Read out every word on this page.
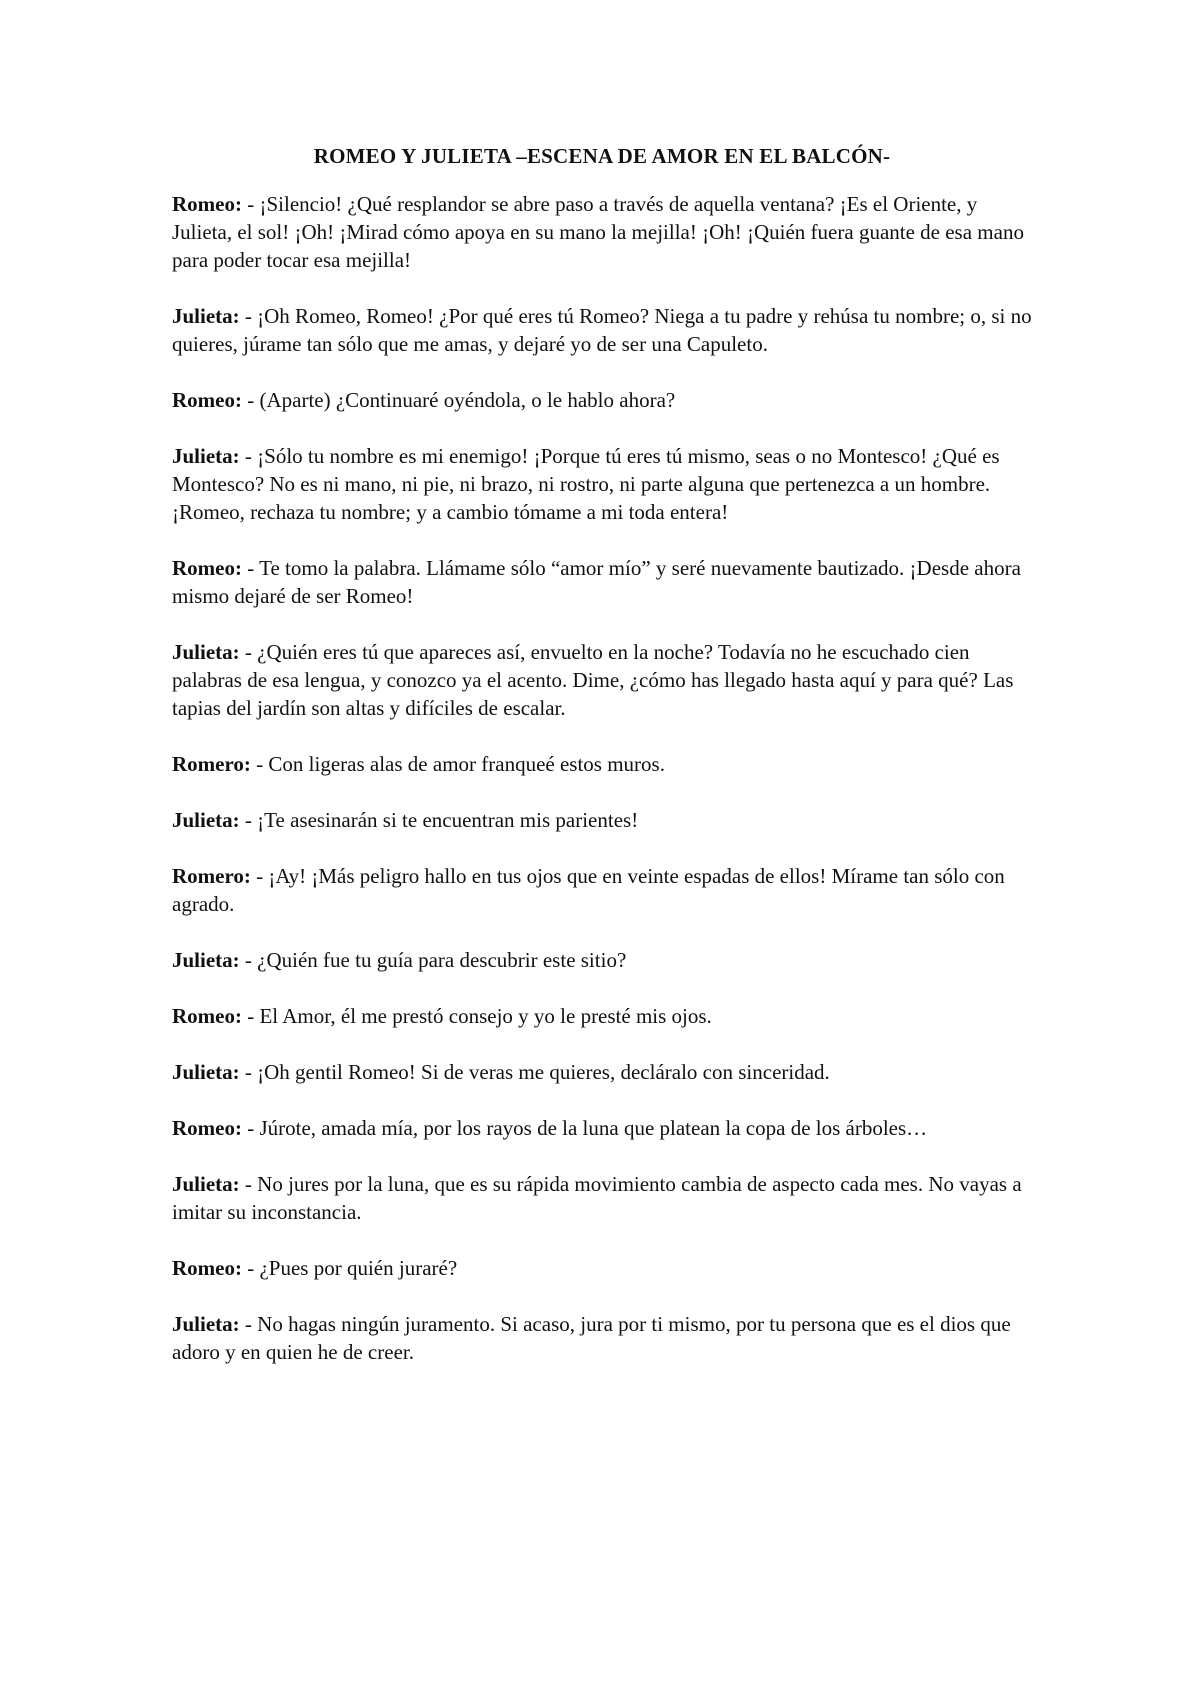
ROMEO Y JULIETA –ESCENA DE AMOR EN EL BALCÓN-

Romeo: - ¡Silencio! ¿Qué resplandor se abre paso a través de aquella ventana? ¡Es el Oriente, y Julieta, el sol! ¡Oh! ¡Mirad cómo apoya en su mano la mejilla! ¡Oh! ¡Quién fuera guante de esa mano para poder tocar esa mejilla!

Julieta: - ¡Oh Romeo, Romeo! ¿Por qué eres tú Romeo? Niega a tu padre y rehúsa tu nombre; o, si no quieres, júrame tan sólo que me amas, y dejaré yo de ser una Capuleto.

Romeo: - (Aparte) ¿Continuaré oyéndola, o le hablo ahora?

Julieta: - ¡Sólo tu nombre es mi enemigo! ¡Porque tú eres tú mismo, seas o no Montesco! ¿Qué es Montesco? No es ni mano, ni pie, ni brazo, ni rostro, ni parte alguna que pertenezca a un hombre. ¡Romeo, rechaza tu nombre; y a cambio tómame a mi toda entera!

Romeo: - Te tomo la palabra. Llámame sólo “amor mío” y seré nuevamente bautizado. ¡Desde ahora mismo dejaré de ser Romeo!

Julieta: - ¿Quién eres tú que apareces así, envuelto en la noche? Todavía no he escuchado cien palabras de esa lengua, y conozco ya el acento. Dime, ¿cómo has llegado hasta aquí y para qué? Las tapias del jardín son altas y difíciles de escalar.

Romero: - Con ligeras alas de amor franqueé estos muros.

Julieta: - ¡Te asesinarán si te encuentran mis parientes!

Romero: - ¡Ay! ¡Más peligro hallo en tus ojos que en veinte espadas de ellos! Mírame tan sólo con agrado.

Julieta: - ¿Quién fue tu guía para descubrir este sitio?

Romeo: - El Amor, él me prestó consejo y yo le presté mis ojos.

Julieta: - ¡Oh gentil Romeo! Si de veras me quieres, decláralo con sinceridad.

Romeo: - Júrote, amada mía, por los rayos de la luna que platean la copa de los árboles…

Julieta: - No jures por la luna, que es su rápida movimiento cambia de aspecto cada mes. No vayas a imitar su inconstancia.

Romeo: - ¿Pues por quién juraré?

Julieta: - No hagas ningún juramento. Si acaso, jura por ti mismo, por tu persona que es el dios que adoro y en quien he de creer.
